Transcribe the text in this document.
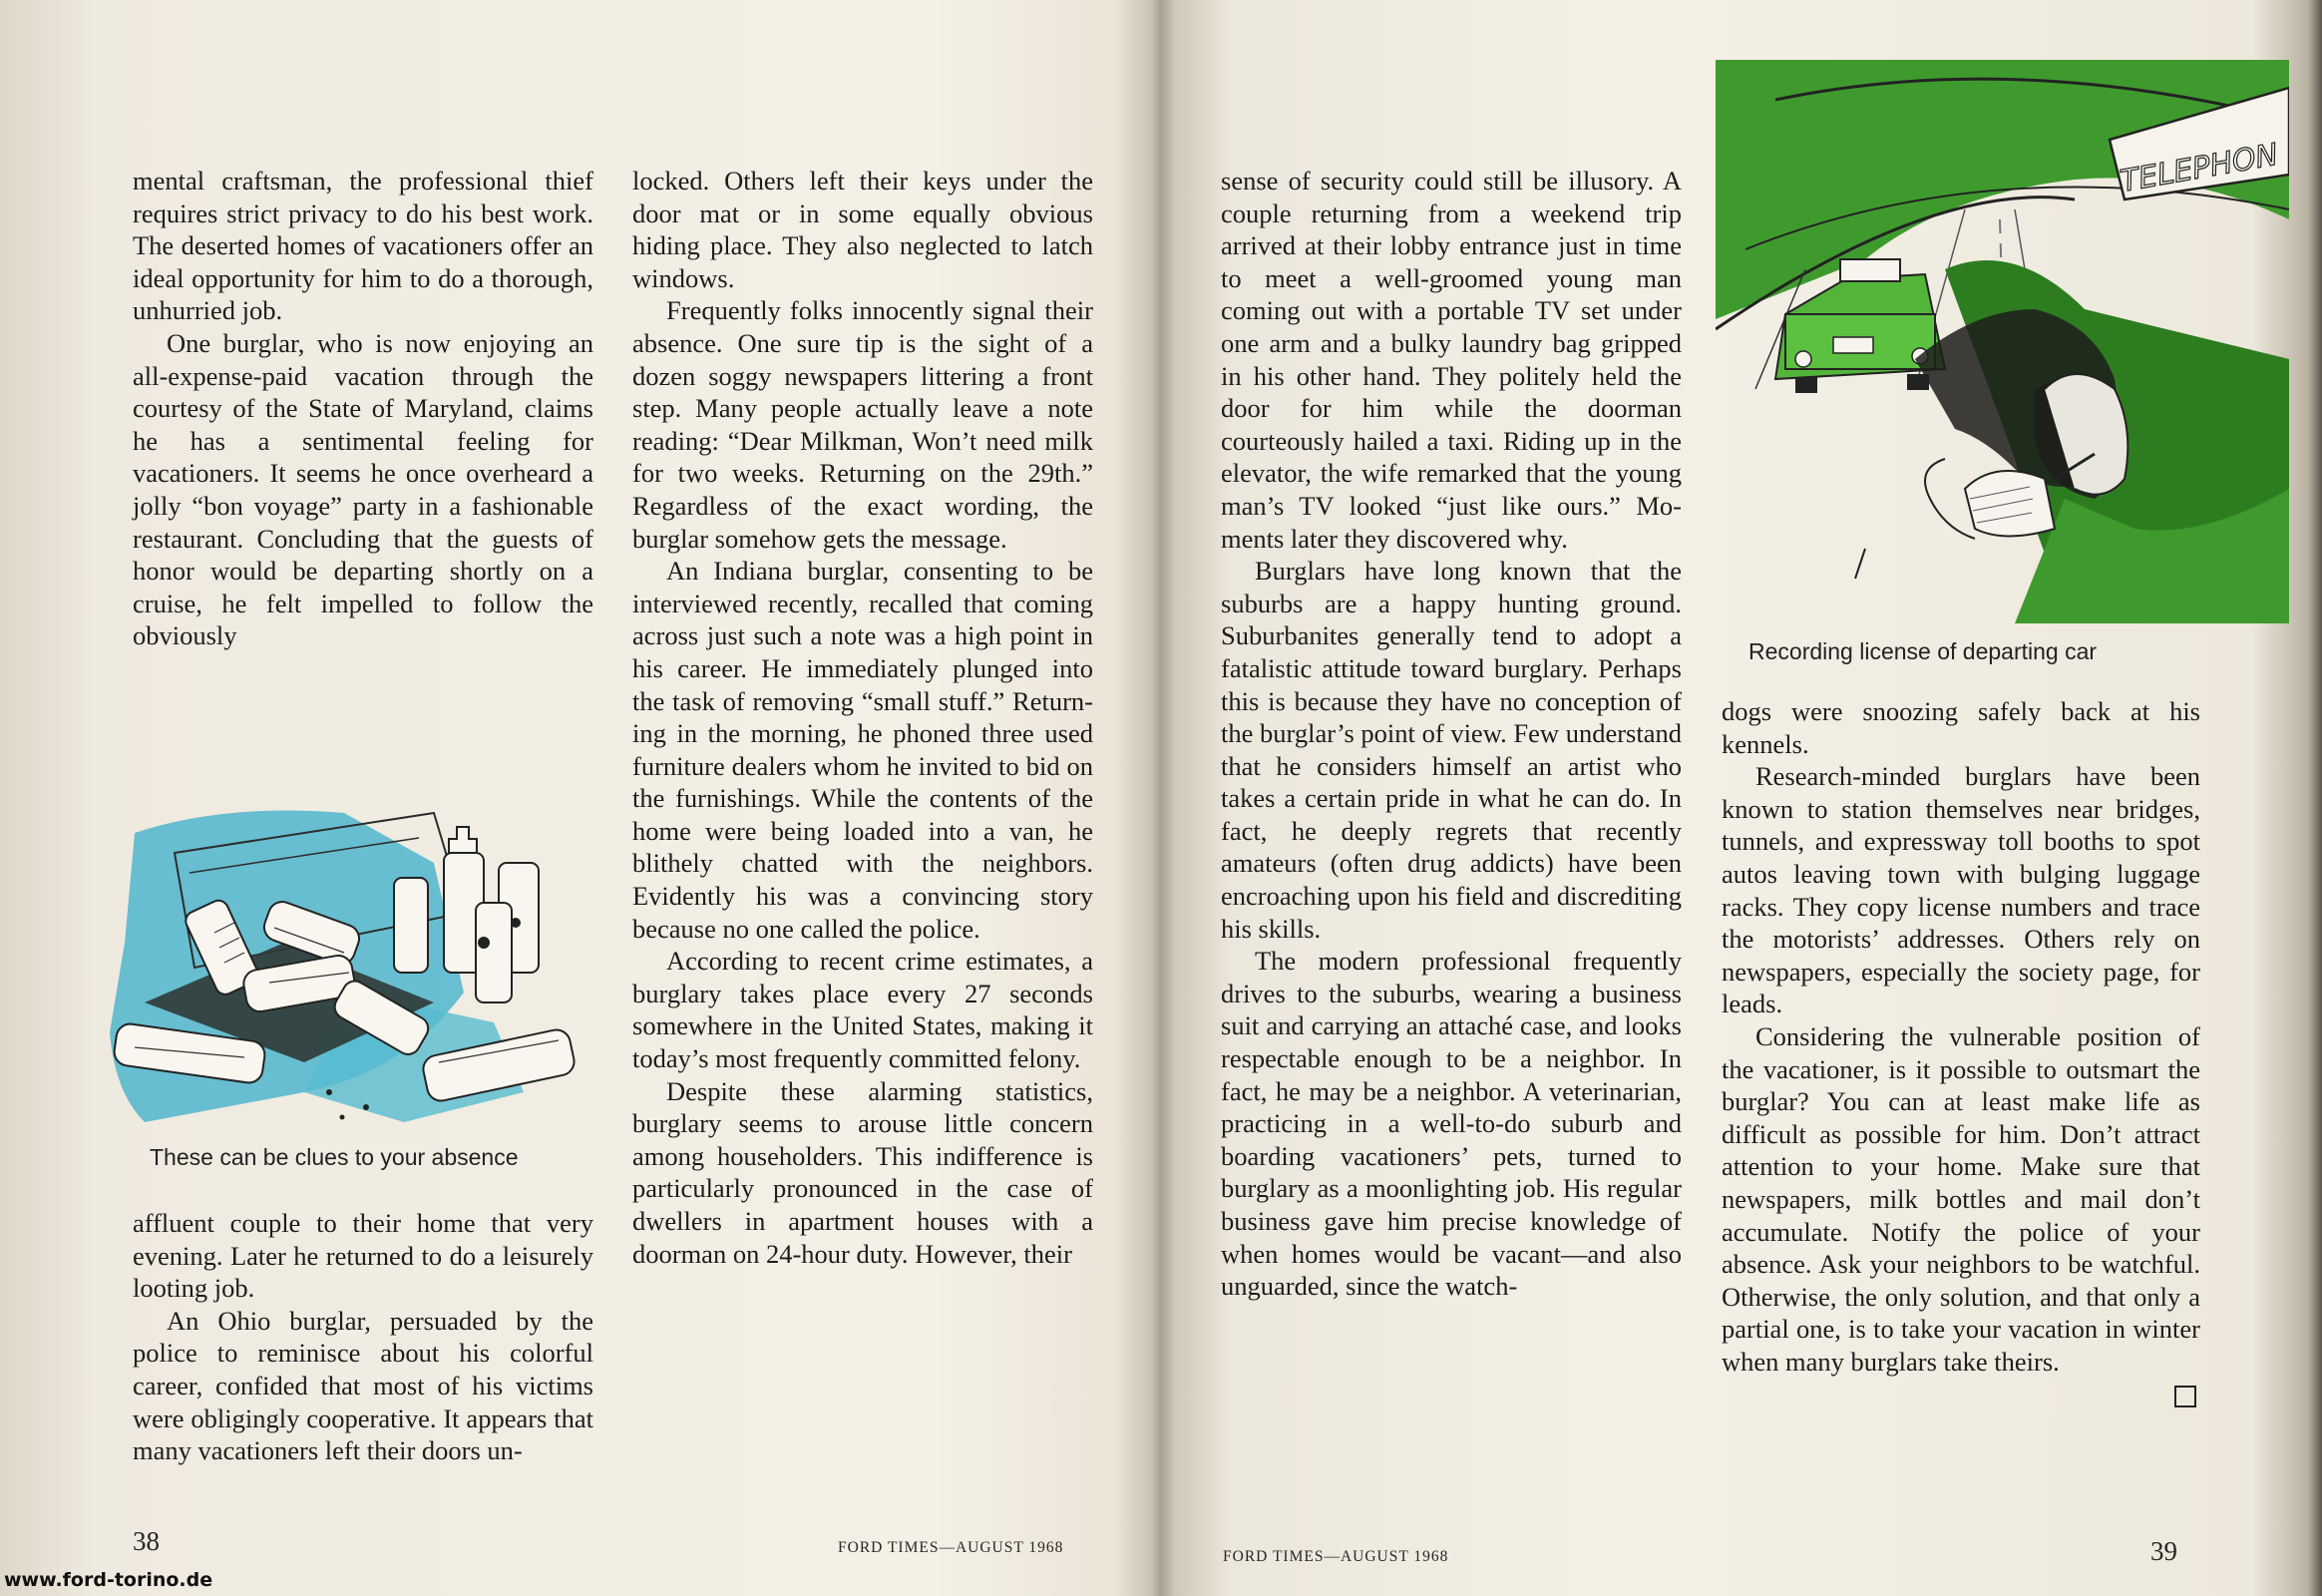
mental craftsman, the professional thief requires strict privacy to do his best work. The deserted homes of vacationers offer an ideal opportunity for him to do a thorough, unhurried job.

One burglar, who is now enjoying an all-expense-paid vacation through the courtesy of the State of Maryland, claims he has a sentimental feeling for vacationers. It seems he once overheard a jolly “bon voyage” party in a fashionable restaurant. Concluding that the guests of honor would be departing shortly on a cruise, he felt impelled to follow the obviously

These can be clues to your absence

affluent couple to their home that very evening. Later he returned to do a leisurely looting job.

An Ohio burglar, persuaded by the police to reminisce about his colorful career, confided that most of his victims were obligingly cooperative. It appears that many vacationers left their doors un-

locked. Others left their keys under the door mat or in some equally obvious hiding place. They also neglected to latch windows.

Frequently folks innocently signal their absence. One sure tip is the sight of a dozen soggy newspapers littering a front step. Many people actually leave a note reading: “Dear Milkman, Won’t need milk for two weeks. Returning on the 29th.” Regardless of the exact wording, the burglar somehow gets the message.

An Indiana burglar, consenting to be interviewed recently, recalled that coming across just such a note was a high point in his career. He immediately plunged into the task of removing “small stuff.” Returning in the morning, he phoned three used furniture dealers whom he invited to bid on the furnishings. While the contents of the home were being loaded into a van, he blithely chatted with the neighbors. Evidently his was a convincing story because no one called the police.

According to recent crime estimates, a burglary takes place every 27 seconds somewhere in the United States, making it today’s most frequently committed felony.

Despite these alarming statistics, burglary seems to arouse little concern among householders. This indifference is particularly pronounced in the case of dwellers in apartment houses with a doorman on 24-hour duty. However, their

38	FORD TIMES—AUGUST 1968
www.ford-torino.de

sense of security could still be illusory. A couple returning from a weekend trip arrived at their lobby entrance just in time to meet a well-groomed young man coming out with a portable TV set under one arm and a bulky laundry bag gripped in his other hand. They politely held the door for him while the doorman courteously hailed a taxi. Riding up in the elevator, the wife remarked that the young man’s TV looked “just like ours.” Moments later they discovered why.

Burglars have long known that the suburbs are a happy hunting ground. Suburbanites generally tend to adopt a fatalistic attitude toward burglary. Perhaps this is because they have no conception of the burglar’s point of view. Few understand that he considers himself an artist who takes a certain pride in what he can do. In fact, he deeply regrets that recently amateurs (often drug addicts) have been encroaching upon his field and discrediting his skills.

The modern professional frequently drives to the suburbs, wearing a business suit and carrying an attaché case, and looks respectable enough to be a neighbor. In fact, he may be a neighbor. A veterinarian, practicing in a well-to-do suburb and boarding vacationers’ pets, turned to burglary as a moonlighting job. His regular business gave him precise knowledge of when homes would be vacant—and also unguarded, since the watch-

TELEPHON
Recording license of departing car

dogs were snoozing safely back at his kennels.

Research-minded burglars have been known to station themselves near bridges, tunnels, and expressway toll booths to spot autos leaving town with bulging luggage racks. They copy license numbers and trace the motorists’ addresses. Others rely on newspapers, especially the society page, for leads.

Considering the vulnerable position of the vacationer, is it possible to outsmart the burglar? You can at least make life as difficult as possible for him. Don’t attract attention to your home. Make sure that newspapers, milk bottles and mail don’t accumulate. Notify the police of your absence. Ask your neighbors to be watchful. Otherwise, the only solution, and that only a partial one, is to take your vacation in winter when many burglars take theirs.

FORD TIMES—AUGUST 1968	39
